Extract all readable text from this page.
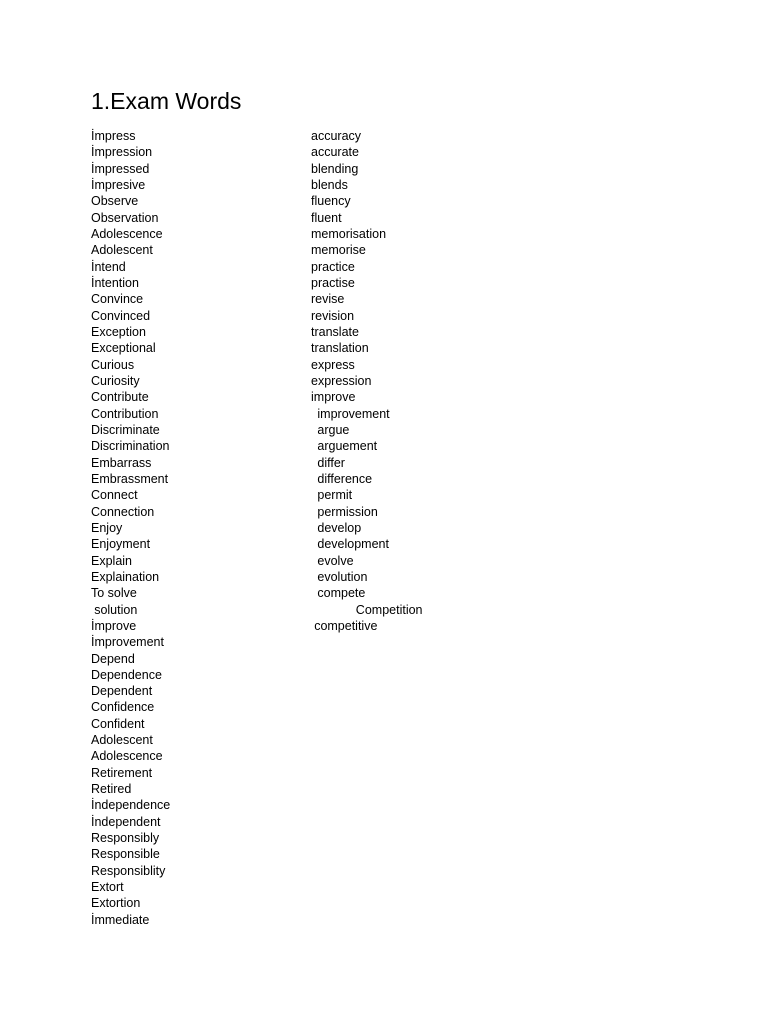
1.Exam Words
İmpress
İmpression
İmpressed
İmpresive
Observe
Observation
Adolescence
Adolescent
İntend
İntention
Convince
Convinced
Exception
Exceptional
Curious
Curiosity
Contribute
Contribution
Discriminate
Discrimination
Embarrass
Embrassment
Connect
Connection
Enjoy
Enjoyment
Explain
Explaination
To solve
solution
İmprove
İmprovement
Depend
Dependence
Dependent
Confidence
Confident
Adolescent
Adolescence
Retirement
Retired
İndependence
İndependent
Responsibly
Responsible
Responsiblity
Extort
Extortion
İmmediate
accuracy
accurate
blending
blends
fluency
fluent
memorisation
memorise
practice
practise
revise
revision
translate
translation
express
expression
improve
improvement
argue
arguement
differ
difference
permit
permission
develop
development
evolve
evolution
compete
Competition
competitive
